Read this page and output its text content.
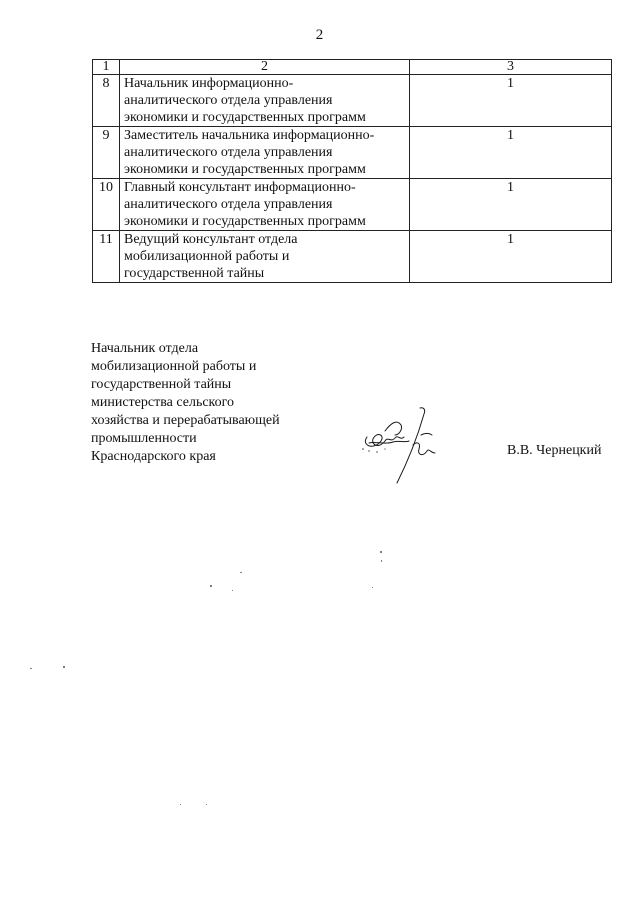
2
1	2	3
8	Начальник информационно-
аналитического отдела управления
экономики и государственных программ	1
9	Заместитель начальника информационно-
аналитического отдела управления
экономики и государственных программ	1
10	Главный консультант информационно-
аналитического отдела управления
экономики и государственных программ	1
11	Ведущий консультант отдела
мобилизационной работы и
государственной тайны	1
Начальник отдела
мобилизационной работы и
государственной тайны
министерства сельского
хозяйства и перерабатывающей
промышленности
Краснодарского края	В.В. Чернецкий
